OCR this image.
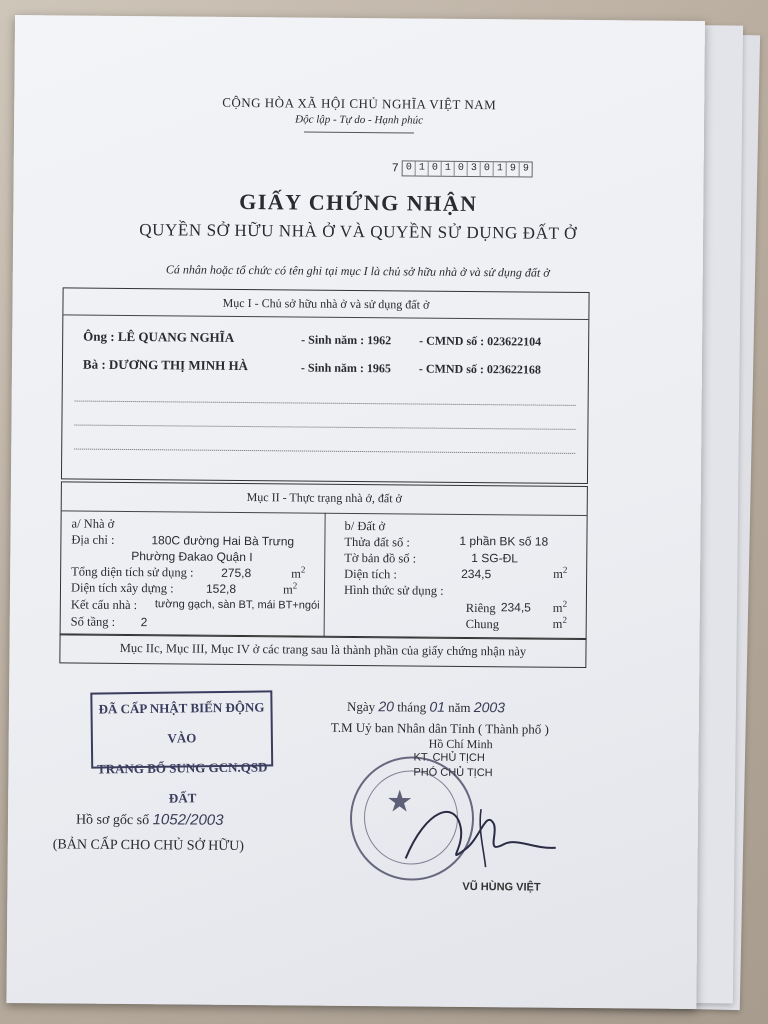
CỘNG HÒA XÃ HỘI CHỦ NGHĨA VIỆT NAM
Độc lập - Tự do - Hạnh phúc
7 0 1 0 1 0 3 0 1 9 9
GIẤY CHỨNG NHẬN
QUYỀN SỞ HỮU NHÀ Ở VÀ QUYỀN SỬ DỤNG ĐẤT Ở
Cá nhân hoặc tổ chức có tên ghi tại mục I là chủ sở hữu nhà ở và sử dụng đất ở
Mục I - Chủ sở hữu nhà ở và sử dụng đất ở
Ông : LÊ QUANG NGHĨA	- Sinh năm : 1962 - CMND số : 023622104
Bà : DƯƠNG THỊ MINH HÀ	- Sinh năm : 1965 - CMND số : 023622168
Mục II - Thực trạng nhà ở, đất ở
a/ Nhà ở
Địa chỉ :	180C đường Hai Bà Trưng
Phường Đakao Quận I
Tổng diện tích sử dụng : 275,8	$m^2$
Diện tích xây dựng :	152,8	$m^2$
Kết cấu nhà : tường gạch, sàn BT, mái BT+ngói
Số tầng : 2
b/ Đất ở
Thửa đất số :	1 phần BK số 18
Tờ bản đồ số :	1 SG-ĐL
Diện tích :	234,5	$m^2$
Hình thức sử dụng :
Riêng 234,5 $m^2$
Chung	$m^2$
Mục IIc, Mục III, Mục IV ở các trang sau là thành phần của giấy chứng nhận này
ĐÃ CẤP NHẬT BIẾN ĐỘNG VÀO
TRANG BỔ SUNG GCN.QSD ĐẤT
Ngày 20 tháng 01 năm 2003
T.M Uỷ ban Nhân dân Tỉnh ( Thành phố )
Hồ Chí Minh
KT. CHỦ TỊCH
PHÓ CHỦ TỊCH
★
VŨ HÙNG VIỆT
Hồ sơ gốc số 1052/2003
(BẢN CẤP CHO CHỦ SỞ HỮU)
